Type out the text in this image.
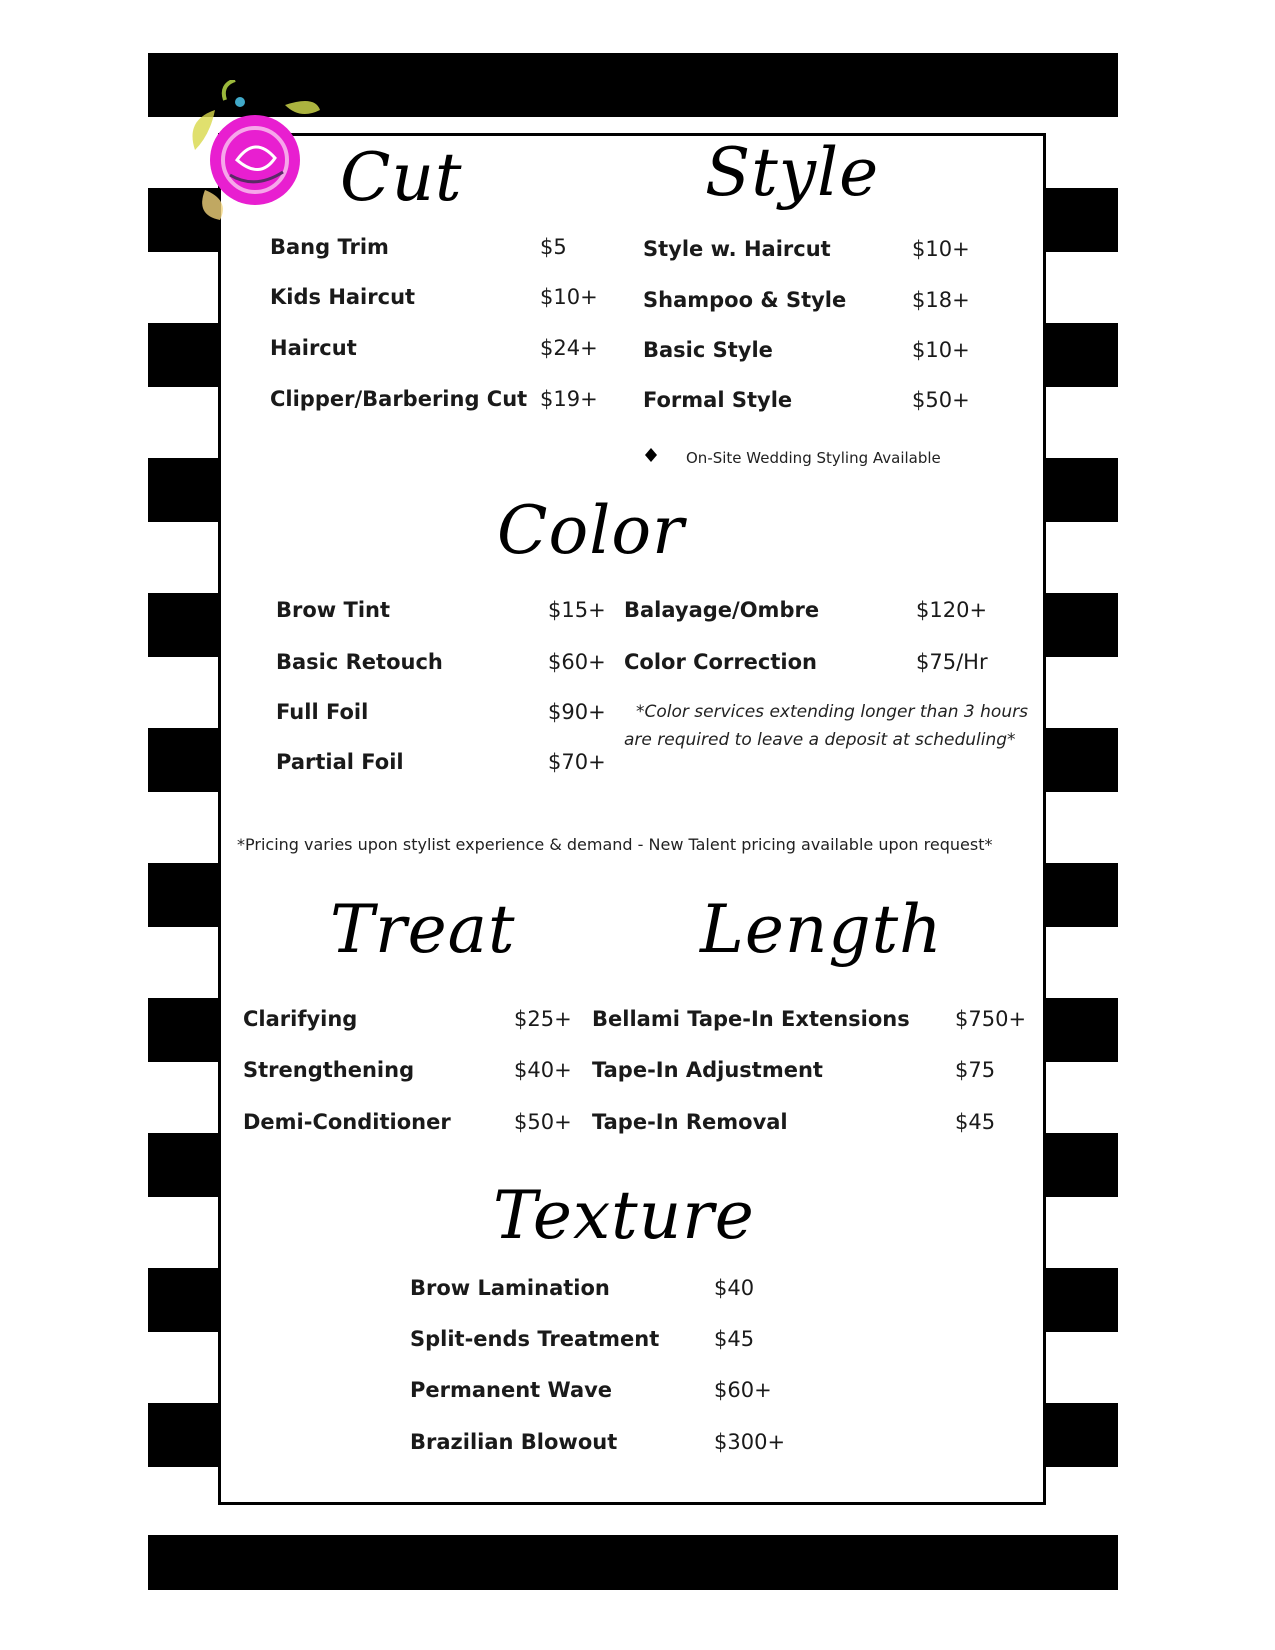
Cut
Bang Trim	$5
Kids Haircut	$10+
Haircut	$24+
Clipper/Barbering Cut $19+
Style
Style w. Haircut	$10+
Shampoo & Style	$18+
Basic Style	$10+
Formal Style	$50+
On-Site Wedding Styling Available
Color
Brow Tint	$15+
Basic Retouch	$60+
Full Foil	$90+
Partial Foil	$70+
Balayage/Ombre	$120+
Color Correction	$75/Hr
*Color services extending longer than 3 hours
are required to leave a deposit at scheduling*
*Pricing varies upon stylist experience & demand - New Talent pricing available upon request*
Treat
Clarifying	$25+
Strengthening	$40+
Demi-Conditioner	$50+
Length
Bellami Tape-In Extensions $750+
Tape-In Adjustment	$75
Tape-In Removal	$45
Texture
Brow Lamination	$40
Split-ends Treatment	$45
Permanent Wave	$60+
Brazilian Blowout	$300+
